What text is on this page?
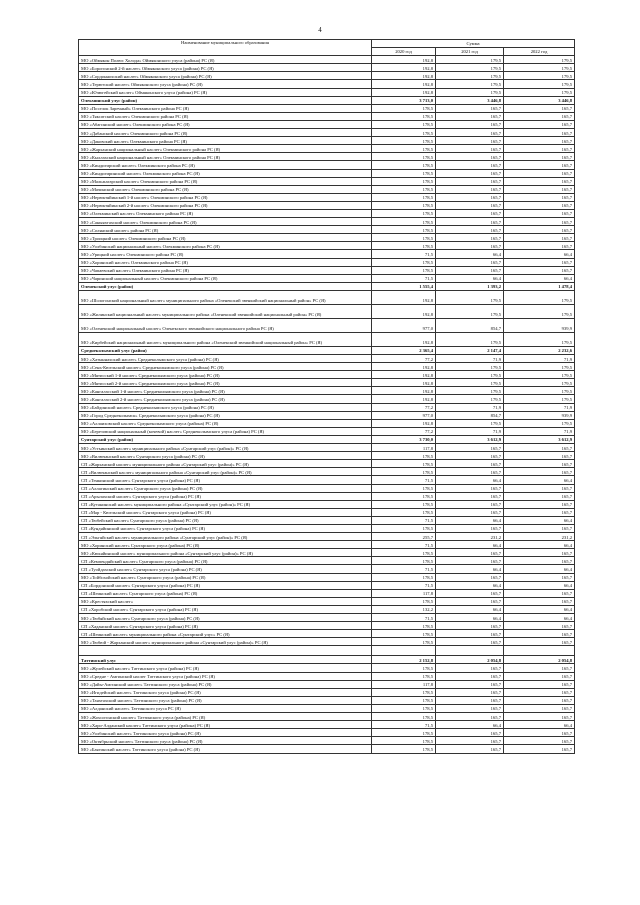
4
Наименование муниципального образования	Сумма		
	2020 год	2021 год	2022 год
МО «Оймякон Полюс Холода» Оймяконского улуса (района) РС (Я)	192,8	179,5	179,5
МО «Борогонский 2-й наслег» Оймяконского улуса (района) РС (Я)	192,8	179,5	179,5
МО «Сордоннохский наслег» Оймяконского улуса (района) РС (Я)	192,8	179,5	179,5
МО «Терютский наслег» Оймяконского улуса (района) РС (Я)	192,8	179,5	179,5
МО «Ючюгейский наслег» Оймяконского улуса (района) РС (Я)	192,8	179,5	179,5
Олекминский улус (район)	3 713,0	3 446,8	3 446,8
МО «Поселок Заречный» Олекминского района РС (Я)	178,5	165,7	165,7
МО «Тяксатский наслег» Олекминского района РС (Я)	178,5	165,7	165,7
МО «Абагинский наслег» Олекминского района РС (Я)	178,5	165,7	165,7
МО «Дабанский наслег» Олекминского района РС (Я)	178,5	165,7	165,7
МО «Даковский наслег» Олекминского района РС (Я)	178,5	165,7	165,7
МО «Жарханский национальный наслег» Олекминского района РС (Я)	178,5	165,7	165,7
МО «Кыллахский национальный наслег» Олекминского района РС (Я)	178,5	165,7	165,7
МО «Киндигирский наслег» Олекминского района РС (Я)	178,5	165,7	165,7
МО «Киндигиринский наслег» Олекминского района РС (Я)	178,5	165,7	165,7
МО «Мальжагарский наслег» Олекминского района РС (Я)	178,5	165,7	165,7
МО «Мачинский наслег» Олекминского района РС (Я)	178,5	165,7	165,7
МО «Нерюктяйинский 1-й наслег» Олекминского района РС (Я)	178,5	165,7	165,7
МО «Нерюктяйинский 2-й наслег» Олекминского района РС (Я)	178,5	165,7	165,7
МО «Олекминский наслег» Олекминского района РС (Я)	178,5	165,7	165,7
МО «Саныяхтахский наслег» Олекминского района РС (Я)	178,5	165,7	165,7
МО «Солянский наслег» района РС (Я)	178,5	165,7	165,7
МО «Троицкий наслег» Олекминского района РС (Я)	178,5	165,7	165,7
МО «Уолбинский национальный наслег» Олекминского района РС (Я)	178,5	165,7	165,7
МО «Урицкий наслег» Олекминского района РС (Я)	71,5	66,4	66,4
МО «Хоринский наслег» Олекминского района РС (Я)	178,5	165,7	165,7
МО «Чапаевский наслег» Олекминского района РС (Я)	178,5	165,7	165,7
МО «Чаринский национальный наслег» Олекминского района РС (Я)	71,5	66,4	66,4
Оленекский улус (район)	1 555,4	1 393,2	1 478,4
МО «Шологонский национальный наслег» муниципального района «Оленекский эвенкийский национальный район» РС (Я)	192,8	179,5	179,5
МО «Жилинский национальный наслег» муниципального района «Оленекский эвенкийский национальный район» РС (Я)	192,8	179,5	179,5
МО «Оленекский национальный наслег» Оленекского эвенкийского национального района РС (Я)	977,0	854,7	939,9
МО «Кирбейский национальный наслег» муниципального района «Оленекский эвенкийский национальный район» РС (Я)	192,8	179,5	179,5
Среднеколымский улус (район)	2 365,4	2 147,4	2 232,6
МО «Хатыннахский наслег» Среднеколымского улуса (района) РС (Я)	77,2	71,9	71,9
МО «Сень-Кюельский наслег» Среднеколымского улуса (района) РС (Я)	192,8	179,5	179,5
МО «Мятисский 1-й наслег» Среднеколымского улуса (района) РС (Я)	192,8	179,5	179,5
МО «Мятисский 2-й наслег» Среднеколымского улуса (района) РС (Я)	192,8	179,5	179,5
МО «Кангаласский 1-й наслег» Среднеколымского улуса (района) РС (Я)	192,8	179,5	179,5
МО «Кангаласский 2-й наслег» Среднеколымского улуса (района) РС (Я)	192,8	179,5	179,5
МО «Байдинский наслег» Среднеколымского улуса (района) РС (Я)	77,2	71,9	71,9
МО «Город Среднеколымск» Среднеколымского улуса (района) РС (Я)	977,0	854,7	939,9
МО «Аллаиховский наслег» Среднеколымского улуса (района) РС (Я)	192,8	179,5	179,5
МО «Березовский национальный (кочевой) наслег» Среднеколымского улуса (района) РС (Я)	77,2	71,9	71,9
Сунтарский улус (район)	3 730,0	3 612,9	3 612,9
МО «Устьинский наслег» муниципального района «Сунтарский улус (район)» РС (Я)	117,8	165,7	165,7
МО «Вилючанский наслег» Сунтарского улуса (района) РС (Я)	178,5	165,7	165,7
СП «Жарханский наслег» муниципального района «Сунтарский улус (район)» РС (Я)	178,5	165,7	165,7
СП «Вилючанский наслег» муниципального района «Сунтарский улус (район)» РС (Я)	178,5	165,7	165,7
СП «Тенкинский наслег» Сунтарского улуса (района) РС (Я)	71,5	66,4	66,4
СП «Аллагинский наслег» Сунтарского улуса (района) РС (Я)	178,5	165,7	165,7
СП «Арылахский наслег» Сунтарского улуса (района) РС (Я)	178,5	165,7	165,7
СП «Кутанинский наслег» муниципального района «Сунтарский улус (район)» РС (Я)	178,5	165,7	165,7
СП «Мар - Кюельский наслег» Сунтарского улуса (района) РС (Я)	178,5	165,7	165,7
СП «Тюбейский наслег» Сунтарского улуса (района) РС (Я)	71,5	66,4	66,4
СП «Кундяйинский наслег» Сунтарского улуса (района) РС (Я)	178,5	165,7	165,7
СП «Эльгяйский наслег» муниципального района «Сунтарский улус (район)» РС (Я)	255,7	231,2	231,2
МО «Хоринский наслег» Сунтарского улуса (района) РС (Я)	71,5	66,4	66,4
МО «Кюкяйинский наслег» муниципального района «Сунтарский улус (район)» РС (Я)	178,5	165,7	165,7
СП «Кемпендяйский наслег» Сунтарского улуса (района) РС (Я)	178,5	165,7	165,7
СП «Туойдахский наслег» Сунтарского улуса (района) РС (Я)	71,5	66,4	66,4
МО «Тойбохойский наслег» Сунтарского улуса (района) РС (Я)	178,5	165,7	165,7
СП «Бордонский наслег» Сунтарского улуса (района) РС (Я)	71,5	66,4	66,4
СП «Шеинский наслег» Сунтарского улуса (района) РС (Я)	117,8	165,7	165,7
МО «Крестяхский наслег»	178,5	165,7	165,7
СП «Хоробский наслег» Сунтарского улуса (района) РС (Я)	132,2	66,4	66,4
МО «Тюбяйский наслег» Сунтарского улуса (района) РС (Я)	71,5	66,4	66,4
СП «Хаданский наслег» Сунтарского улуса (района) РС (Я)	178,5	165,7	165,7
СП «Шеинский наслег» муниципального района «Сунтарский улус» РС (Я)	178,5	165,7	165,7
МО «Тюбюй - Жарханский наслег» муниципального района «Сунтарский улус (район)» РС (Я)	178,5	165,7	165,7

Таттинский улус	2 152,8	2 054,8	2 054,8
МО «Жулейский наслег» Таттинского улуса (района) РС (Я)	178,5	165,7	165,7
МО «Средне - Амгинский наслег Таттинского улуса (района) РС (Я)	178,5	165,7	165,7
МО «Дайы-Амгинский наслег» Таттинского улуса (района) РС (Я)	117,8	165,7	165,7
МО «Игидейский наслег» Таттинского улуса (района) РС (Я)	178,5	165,7	165,7
МО «Таяхтахский наслег» Таттинского улуса (района) РС (Я)	178,5	165,7	165,7
МО «Алданский наслег» Таттинского улуса РС (Я)	178,5	165,7	165,7
МО «Жохсогонский наслег» Таттинского улуса (района) РС (Я)	178,5	165,7	165,7
МО «Харо-Алданский наслег» Таттинского улуса (района) РС (Я)	71,5	66,4	66,4
МО «Уолбинский наслег» Таттинского улуса (района) РС (Я)	178,5	165,7	165,7
МО «Октябрьский наслег» Таттинского улуса (района) РС (Я)	178,5	165,7	165,7
МО «Баягинский наслег» Таттинского улуса (района) РС (Я)	178,5	165,7	165,7
